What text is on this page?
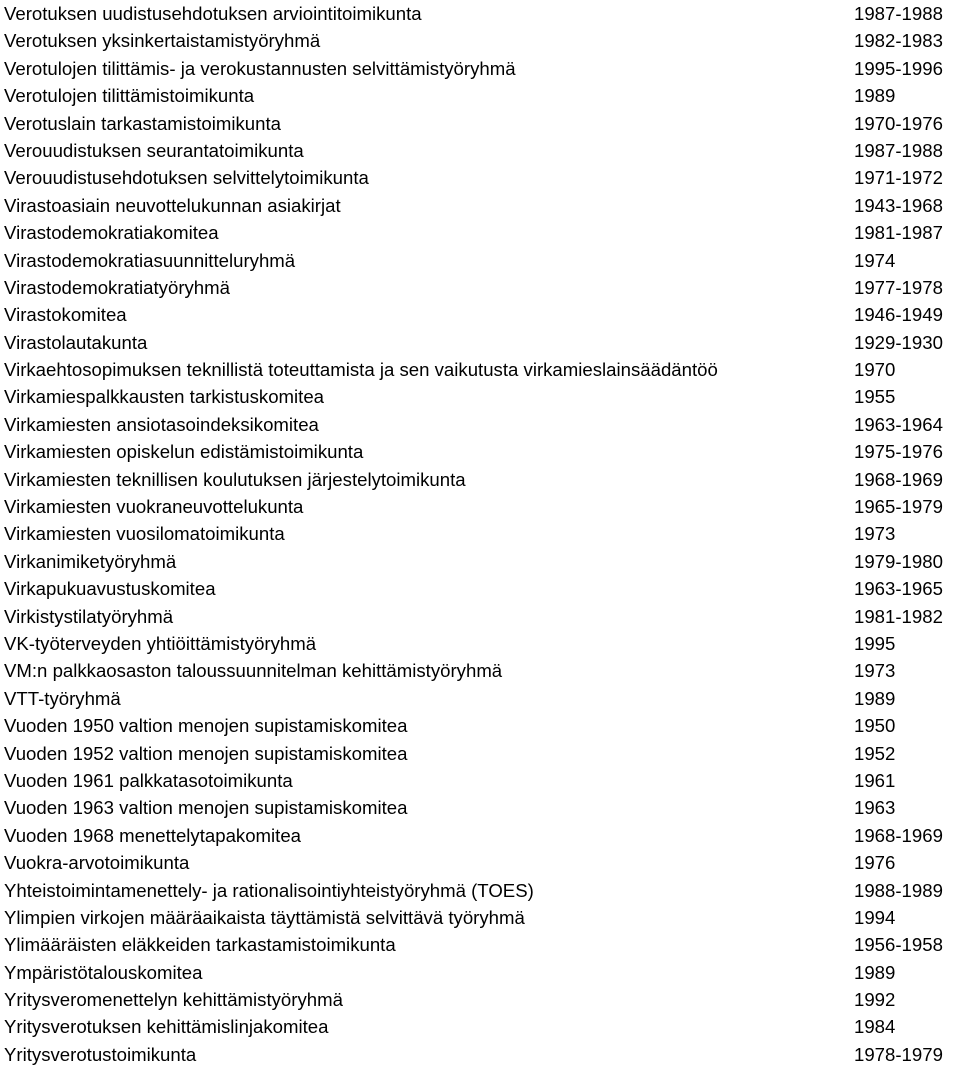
Verotuksen uudistusehdotuksen arviointitoimikunta	1987-1988
Verotuksen yksinkertaistamistyöryhmä	1982-1983
Verotulojen tilittämis- ja verokustannusten selvittämistyöryhmä	1995-1996
Verotulojen tilittämistoimikunta	1989
Verotuslain tarkastamistoimikunta	1970-1976
Verouudistuksen seurantatoimikunta	1987-1988
Verouudistusehdotuksen selvittelytoimikunta	1971-1972
Virastoasiain neuvottelukunnan asiakirjat	1943-1968
Virastodemokratiakomitea	1981-1987
Virastodemokratiasuunnitteluryhmä	1974
Virastodemokratiatyöryhmä	1977-1978
Virastokomitea	1946-1949
Virastolautakunta	1929-1930
Virkaehtosopimuksen teknillistä toteuttamista ja sen vaikutusta virkamieslainsäädäntöö	1970
Virkamiespalkkausten tarkistuskomitea	1955
Virkamiesten ansiotasoindeksikomitea	1963-1964
Virkamiesten opiskelun edistämistoimikunta	1975-1976
Virkamiesten teknillisen koulutuksen järjestelytoimikunta	1968-1969
Virkamiesten vuokraneuvottelukunta	1965-1979
Virkamiesten vuosilomatoimikunta	1973
Virkanimiketyöryhmä	1979-1980
Virkapukuavustuskomitea	1963-1965
Virkistystilatyöryhmä	1981-1982
VK-työterveyden yhtiöittämistyöryhmä	1995
VM:n palkkaosaston taloussuunnitelman kehittämistyöryhmä	1973
VTT-työryhmä	1989
Vuoden 1950 valtion menojen supistamiskomitea	1950
Vuoden 1952 valtion menojen supistamiskomitea	1952
Vuoden 1961 palkkatasotoimikunta	1961
Vuoden 1963 valtion menojen supistamiskomitea	1963
Vuoden 1968 menettelytapakomitea	1968-1969
Vuokra-arvotoimikunta	1976
Yhteistoimintamenettely- ja rationalisointiyhteistyöryhmä (TOES)	1988-1989
Ylimpien virkojen määräaikaista täyttämistä selvittävä työryhmä	1994
Ylimääräisten eläkkeiden tarkastamistoimikunta	1956-1958
Ympäristötalouskomitea	1989
Yritysveromenettelyn kehittämistyöryhmä	1992
Yritysverotuksen kehittämislinjakomitea	1984
Yritysverotustoimikunta	1978-1979
